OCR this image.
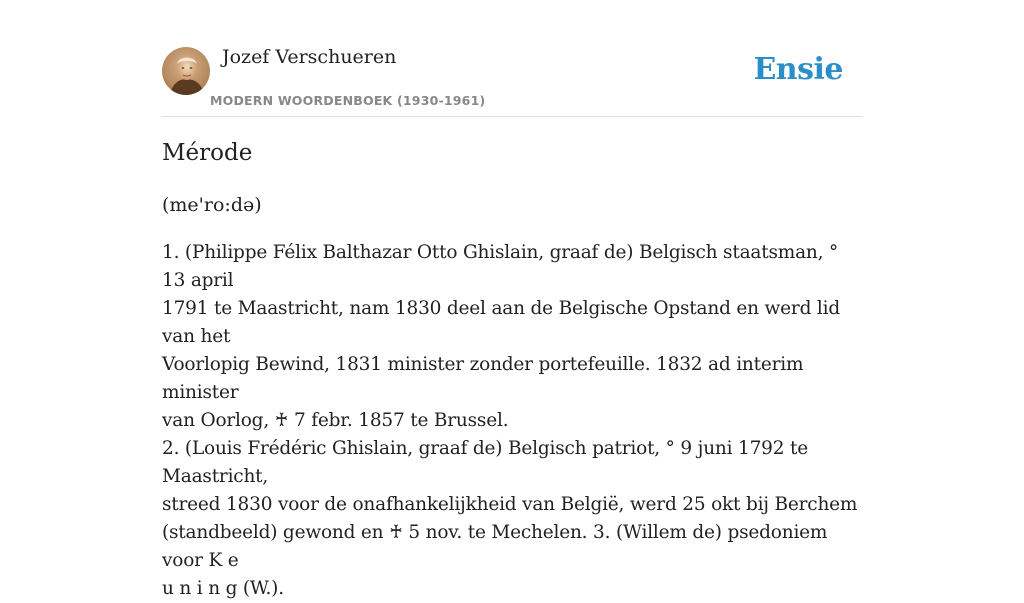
Jozef Verschueren
MODERN WOORDENBOEK (1930-1961)
Ensie
Mérode
(me'ro:də)

1. (Philippe Félix Balthazar Otto Ghislain, graaf de) Belgisch staatsman, ° 13 april

1791 te Maastricht, nam 1830 deel aan de Belgische Opstand en werd lid van het

Voorlopig Bewind, 1831 minister zonder portefeuille. 1832 ad interim minister

van Oorlog, ♰ 7 febr. 1857 te Brussel.

2. (Louis Frédéric Ghislain, graaf de) Belgisch patriot, ° 9 juni 1792 te Maastricht,

streed 1830 voor de onafhankelijkheid van België, werd 25 okt bij Berchem

(standbeeld) gewond en ♰ 5 nov. te Mechelen. 3. (Willem de) psedoniem voor K e

u n i n g (W.).
